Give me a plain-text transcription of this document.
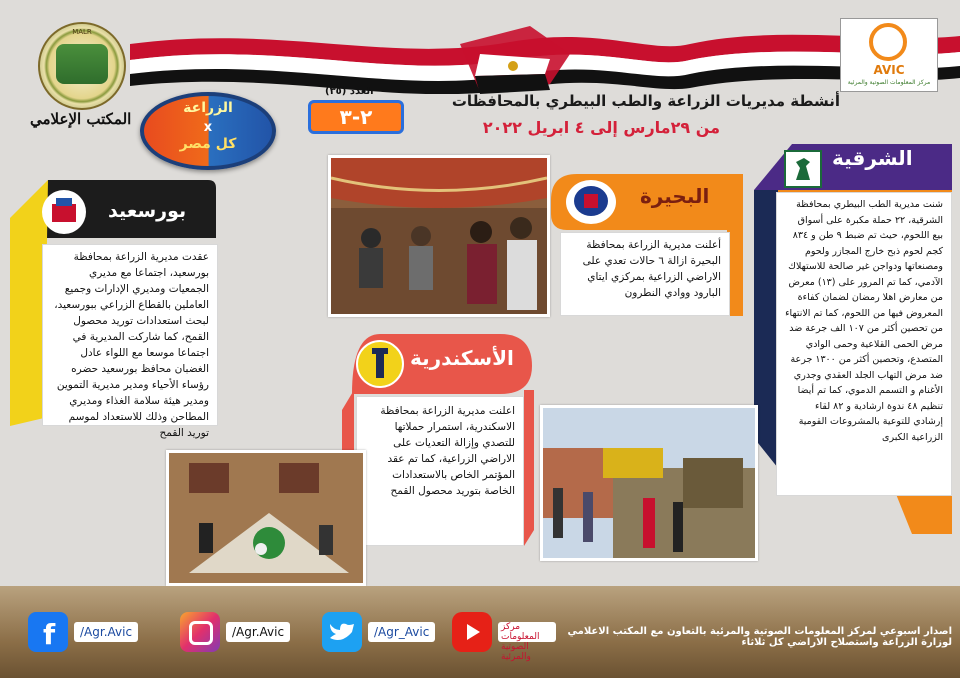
MALR
المكتب الإعلامي
الزراعة
x
كل مصر
العدد (٣٥)
٢-٣
أنشطة مديريات الزراعة والطب البيطري بالمحافظات
من ٢٩مارس إلى ٤ ابريل ٢٠٢٢
AVIC
مركز المعلومات الصوتية والمرئية
بورسعيد
عقدت مديرية الزراعة بمحافظة بورسعيد، اجتماعا مع مديري الجمعيات ومديري الإدارات وجميع العاملين بالقطاع الزراعي ببورسعيد، لبحث استعدادات توريد محصول القمح، كما شاركت المديرية في اجتماعا موسعا مع اللواء عادل الغضبان محافظ بورسعيد حضره رؤساء الأحياء ومدير مديرية التموين ومدير هيئة سلامة الغذاء ومديري المطاحن وذلك للاستعداد لموسم توريد القمح
البحيرة
أعلنت مديرية الزراعة بمحافظة البحيرة ازالة ٦ حالات تعدي على الاراضي الزراعية بمركزي ايتاي البارود ووادي النطرون
الشرقية
شنت مديرية الطب البيطري بمحافظة الشرقية، ٢٢ حملة مكبرة على أسواق بيع اللحوم، حيث تم ضبط ٩ طن و ٨٣٤ كجم لحوم ذبح خارج المجازر ولحوم ومصنعاتها ودواجن غير صالحة للاستهلاك الآدمي، كما تم المرور على (١٣) معرض من معارض اهلا رمضان لضمان كفاءة المعروض فيها من اللحوم، كما تم الانتهاء من تحصين أكثر من ١٠٧ الف جرعة ضد مرض الحمى القلاعية وحمى الوادي المتصدع، وتحصين أكثر من ١٣٠٠ جرعة ضد مرض التهاب الجلد العقدي وجدري الأغنام و التسمم الدموي، كما تم أيضا تنظيم ٤٨ ندوة ارشادية و ٨٢ لقاء إرشادي للتوعية بالمشروعات القومية الزراعية الكبرى
الأسكندرية
اعلنت مديرية الزراعة بمحافظة الاسكندرية، استمرار حملاتها للتصدي وإزالة التعديات على الاراضي الزراعية، كما تم عقد المؤتمر الخاص بالاستعدادات الخاصة بتوريد محصول القمح
f	/Agr.Avic	/Agr.Avic	/Agr_Avic	مركز المعلومات الصوتية والمرئية
اصدار اسبوعي لمركز المعلومات الصوتية والمرئية بالتعاون مع المكتب الاعلامي لوزارة الزراعة واستصلاح الاراضي كل ثلاثاء
